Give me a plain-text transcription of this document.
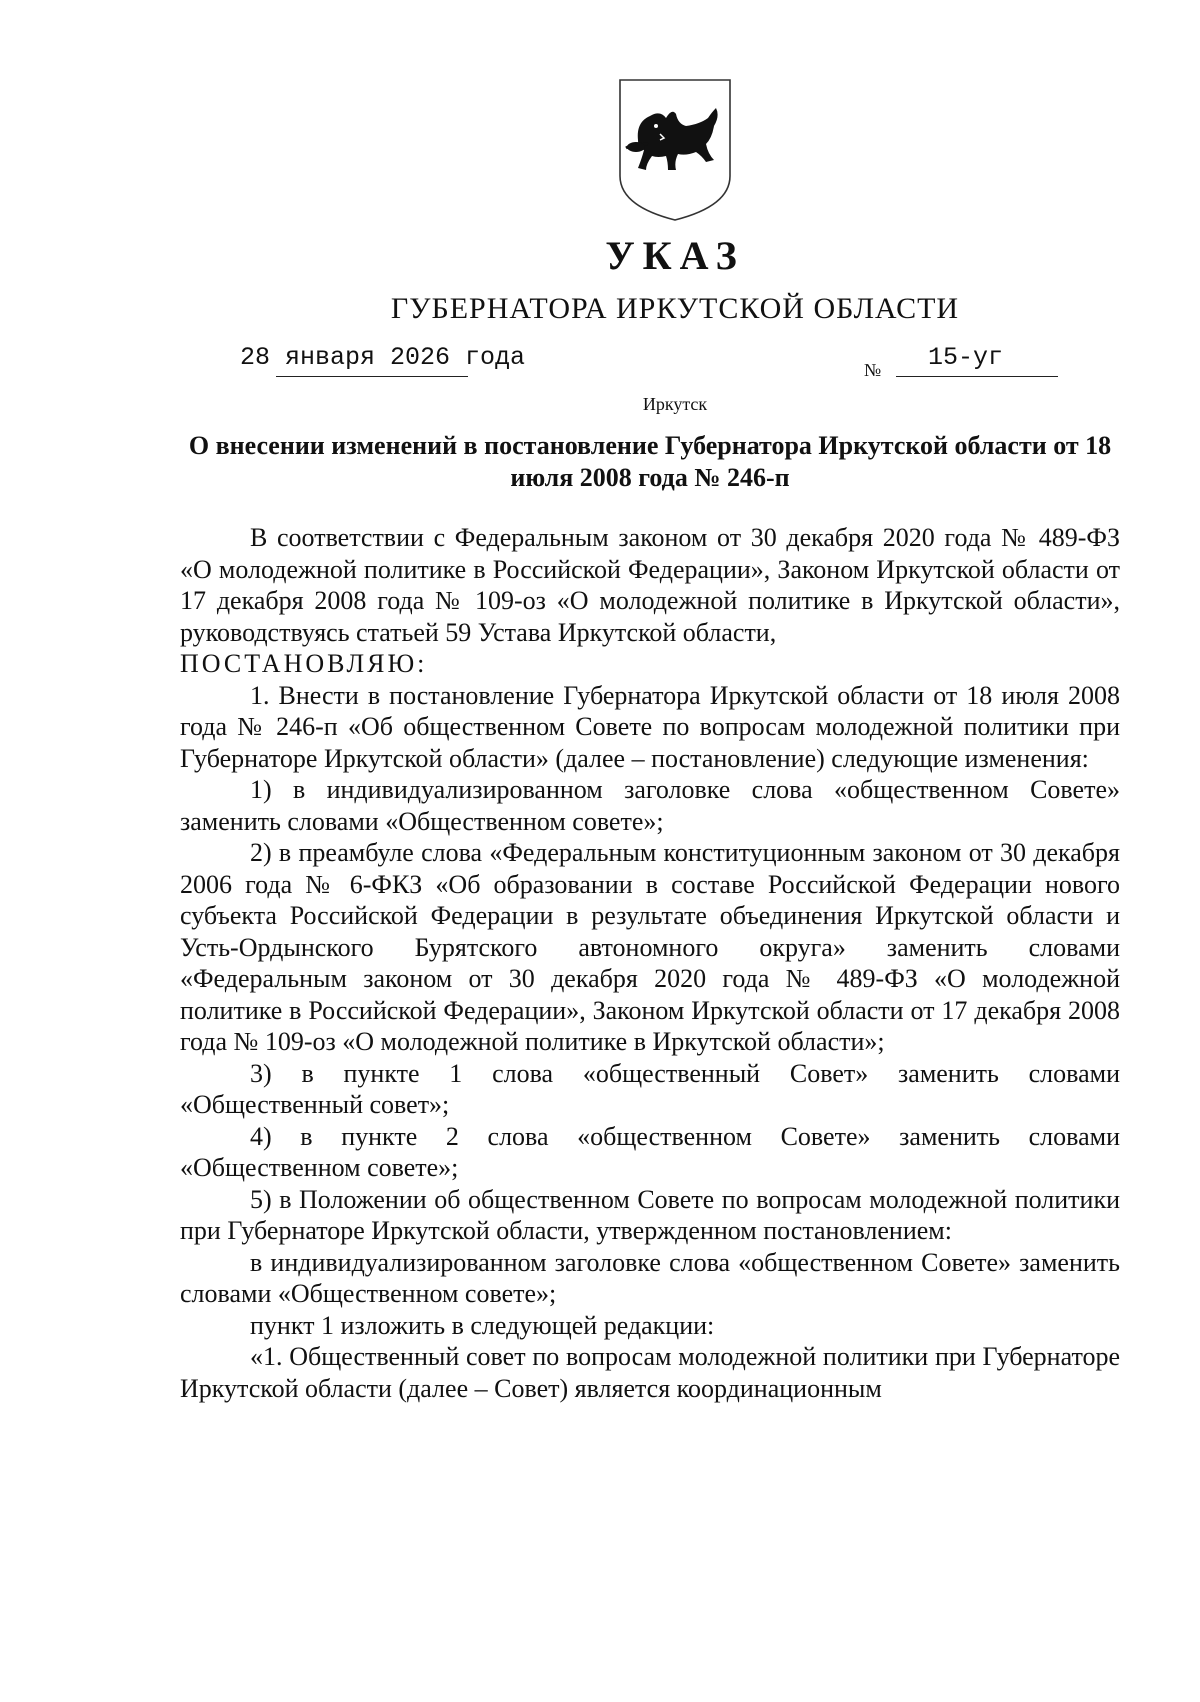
УКАЗ
ГУБЕРНАТОРА ИРКУТСКОЙ ОБЛАСТИ
28 января 2026 года	№ 15-уг
Иркутск
О внесении изменений в постановление Губернатора Иркутской области от 18 июля 2008 года № 246-п

В соответствии с Федеральным законом от 30 декабря 2020 года № 489-ФЗ «О молодежной политике в Российской Федерации», Законом Иркутской области от 17 декабря 2008 года № 109-оз «О молодежной политике в Иркутской области», руководствуясь статьей 59 Устава Иркутской области,

ПОСТАНОВЛЯЮ:

1. Внести в постановление Губернатора Иркутской области от 18 июля 2008 года № 246-п «Об общественном Совете по вопросам молодежной политики при Губернаторе Иркутской области» (далее – постановление) следующие изменения:

1) в индивидуализированном заголовке слова «общественном Совете» заменить словами «Общественном совете»;

2) в преамбуле слова «Федеральным конституционным законом от 30 декабря 2006 года № 6-ФКЗ «Об образовании в составе Российской Федерации нового субъекта Российской Федерации в результате объединения Иркутской области и Усть-Ордынского Бурятского автономного округа» заменить словами «Федеральным законом от 30 декабря 2020 года № 489-ФЗ «О молодежной политике в Российской Федерации», Законом Иркутской области от 17 декабря 2008 года № 109-оз «О молодежной политике в Иркутской области»;

3) в пункте 1 слова «общественный Совет» заменить словами «Общественный совет»;

4) в пункте 2 слова «общественном Совете» заменить словами «Общественном совете»;

5) в Положении об общественном Совете по вопросам молодежной политики при Губернаторе Иркутской области, утвержденном постановлением:

в индивидуализированном заголовке слова «общественном Совете» заменить словами «Общественном совете»;

пункт 1 изложить в следующей редакции:

«1. Общественный совет по вопросам молодежной политики при Губернаторе Иркутской области (далее – Совет) является координационным
